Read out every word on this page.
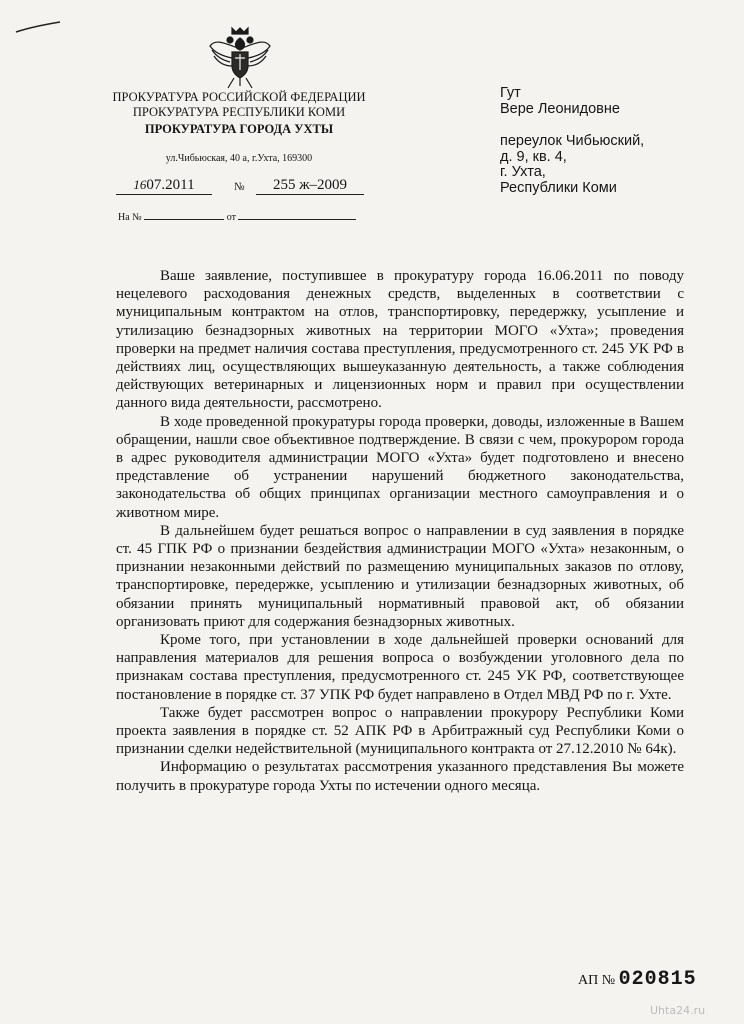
ПРОКУРАТУРА РОССИЙСКОЙ ФЕДЕРАЦИИ
ПРОКУРАТУРА РЕСПУБЛИКИ КОМИ
ПРОКУРАТУРА ГОРОДА УХТЫ
ул.Чибьюская, 40 а, г.Ухта, 169300
1607.2011	№	255 ж–2009
На №	от
Гут
Вере Леонидовне
переулок Чибьюский,
д. 9, кв. 4,
г. Ухта,
Республики Коми

Ваше заявление, поступившее в прокуратуру города 16.06.2011 по поводу нецелевого расходования денежных средств, выделенных в соответствии с муниципальным контрактом на отлов, транспортировку, передержку, усыпление и утилизацию безнадзорных животных на территории МОГО «Ухта»; проведения проверки на предмет наличия состава преступления, предусмотренного ст. 245 УК РФ в действиях лиц, осуществляющих вышеуказанную деятельность, а также соблюдения действующих ветеринарных и лицензионных норм и правил при осуществлении данного вида деятельности, рассмотрено.

В ходе проведенной прокуратуры города проверки, доводы, изложенные в Вашем обращении, нашли свое объективное подтверждение. В связи с чем, прокурором города в адрес руководителя администрации МОГО «Ухта» будет подготовлено и внесено представление об устранении нарушений бюджетного законодательства, законодательства об общих принципах организации местного самоуправления и о животном мире.

В дальнейшем будет решаться вопрос о направлении в суд заявления в порядке ст. 45 ГПК РФ о признании бездействия администрации МОГО «Ухта» незаконным, о признании незаконными действий по размещению муниципальных заказов по отлову, транспортировке, передержке, усыплению и утилизации безнадзорных животных, об обязании принять муниципальный нормативный правовой акт, об обязании организовать приют для содержания безнадзорных животных.

Кроме того, при установлении в ходе дальнейшей проверки оснований для направления материалов для решения вопроса о возбуждении уголовного дела по признакам состава преступления, предусмотренного ст. 245 УК РФ, соответствующее постановление в порядке ст. 37 УПК РФ будет направлено в Отдел МВД РФ по г. Ухте.

Также будет рассмотрен вопрос о направлении прокурору Республики Коми проекта заявления в порядке ст. 52 АПК РФ в Арбитражный суд Республики Коми о признании сделки недействительной (муниципального контракта от 27.12.2010 № 64к).

Информацию о результатах рассмотрения указанного представления Вы можете получить в прокуратуре города Ухты по истечении одного месяца.

АП № 020815
Uhta24.ru
